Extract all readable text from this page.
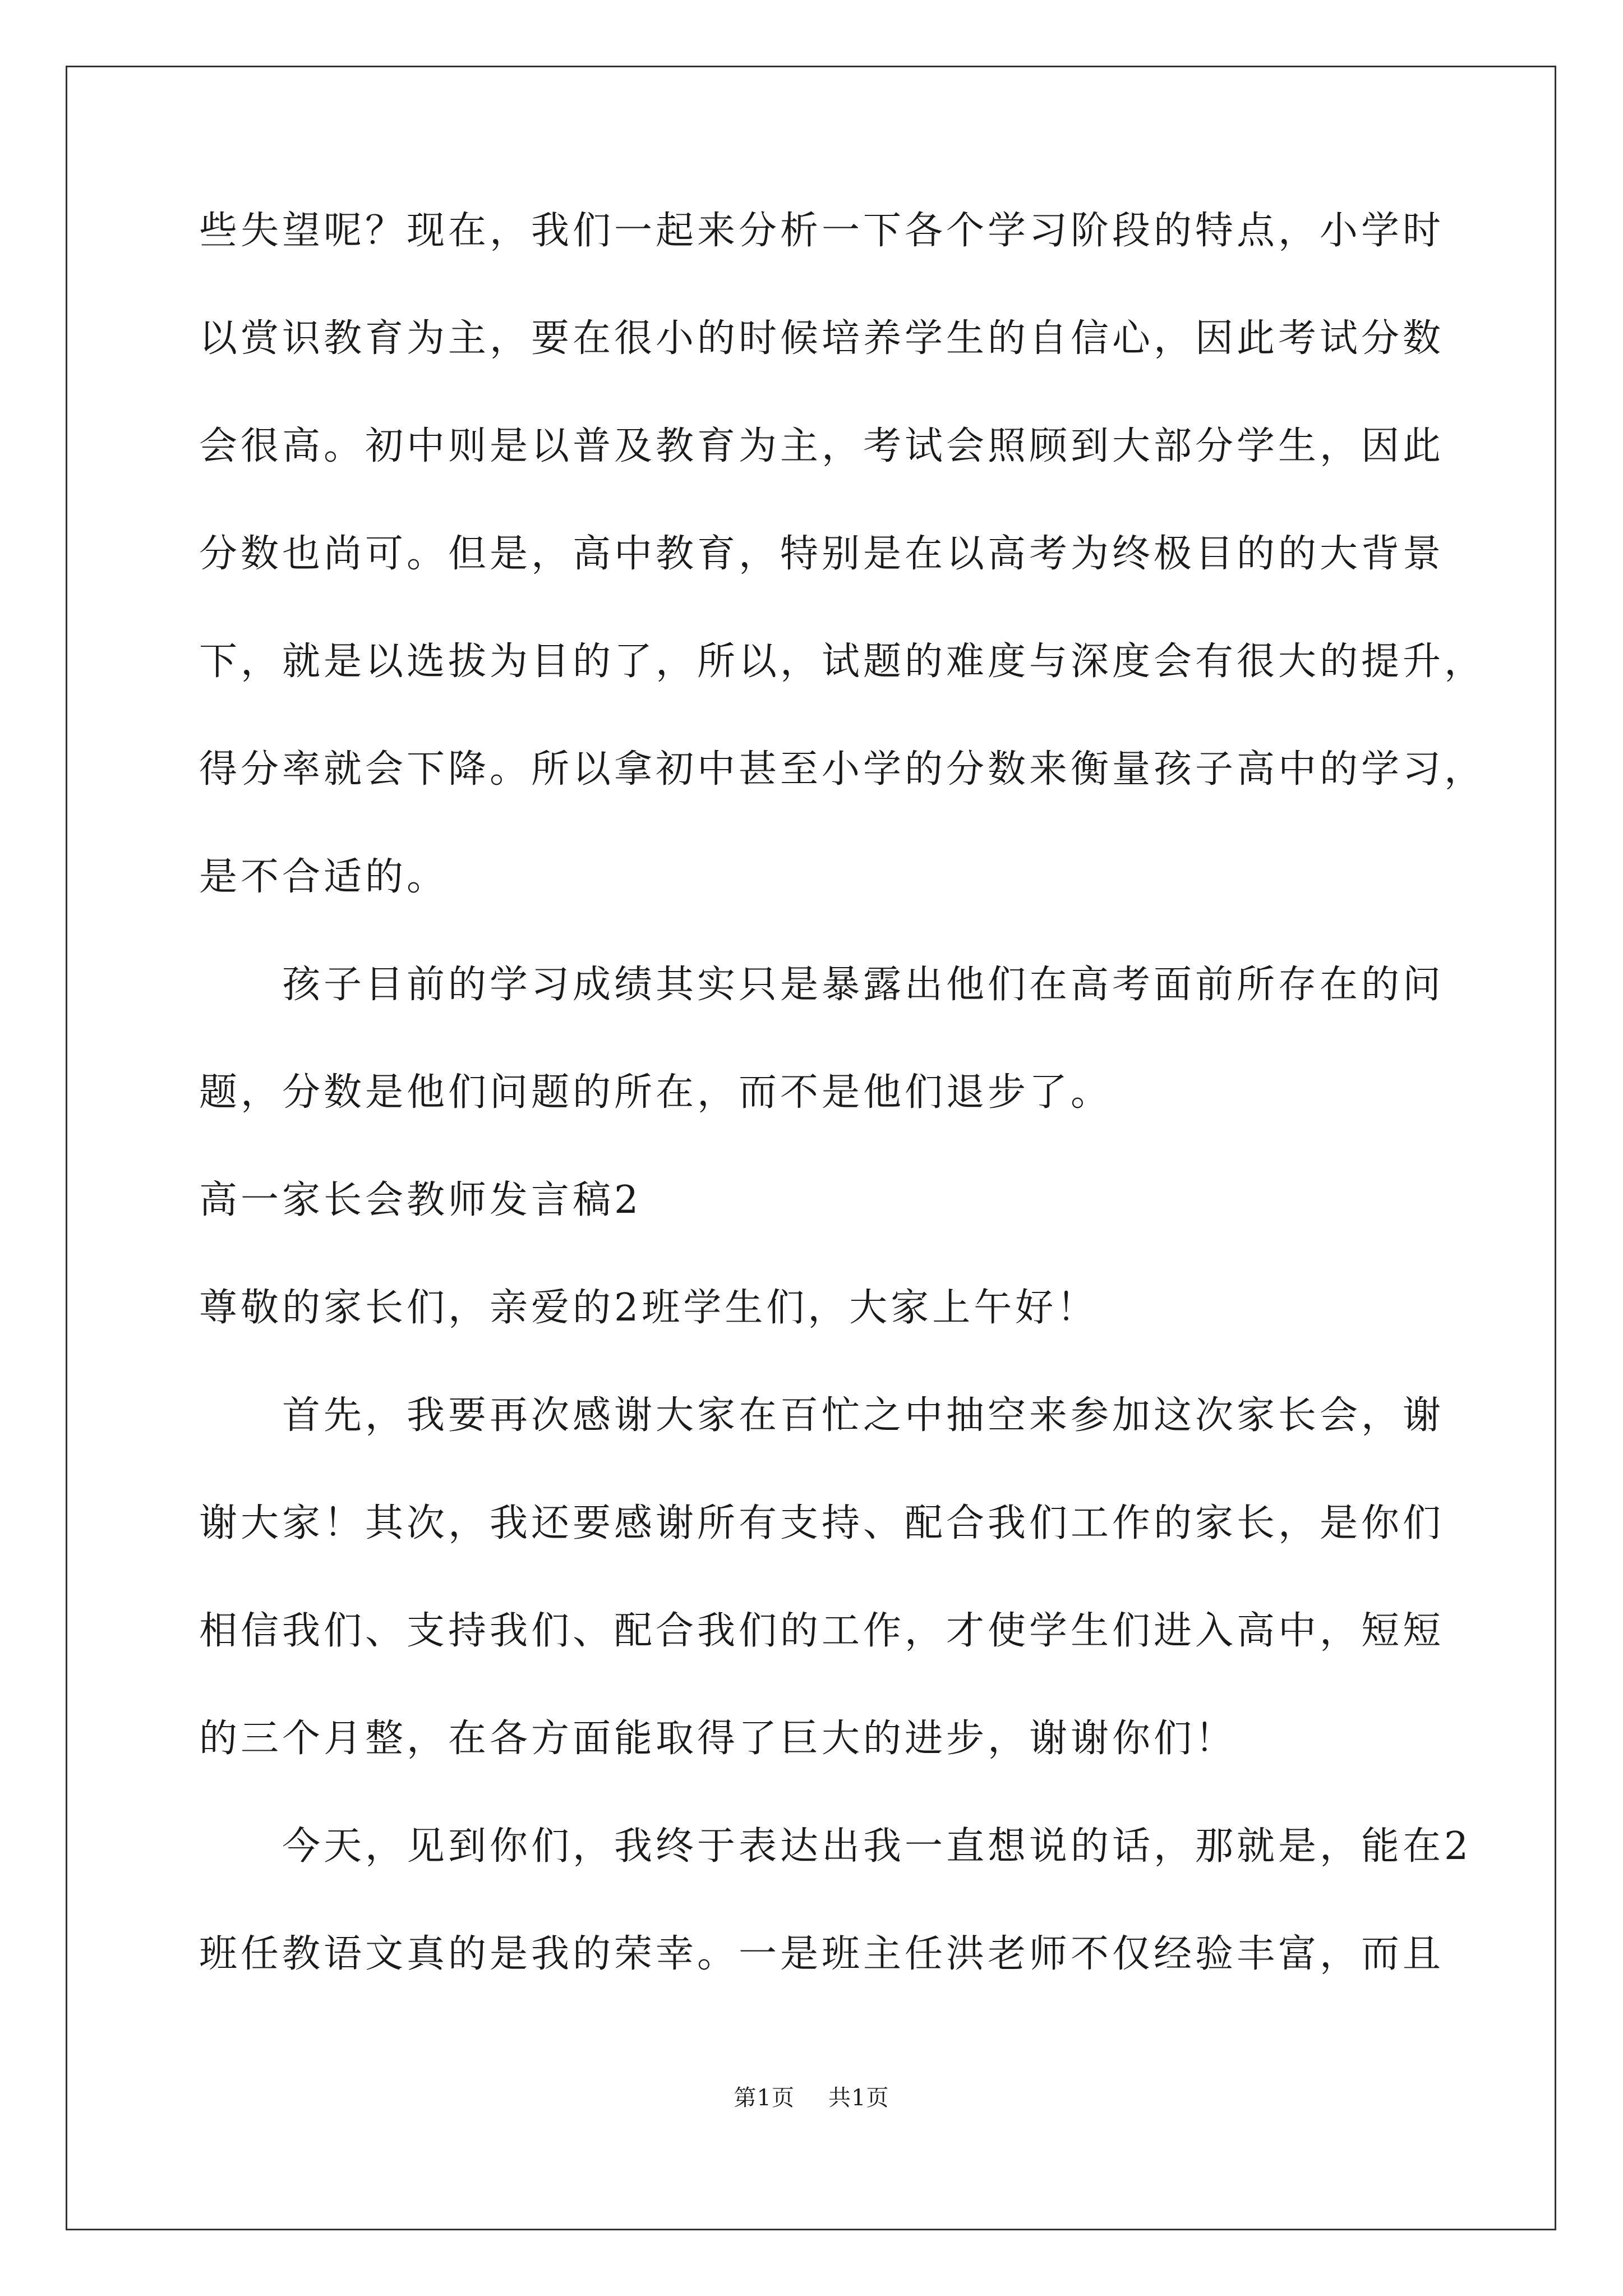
些失望呢？现在，我们一起来分析一下各个学习阶段的特点，小学时
以赏识教育为主，要在很小的时候培养学生的自信心，因此考试分数
会很高。初中则是以普及教育为主，考试会照顾到大部分学生，因此
分数也尚可。但是，高中教育，特别是在以高考为终极目的的大背景
下，就是以选拔为目的了，所以，试题的难度与深度会有很大的提升，
得分率就会下降。所以拿初中甚至小学的分数来衡量孩子高中的学习，
是不合适的。
　　孩子目前的学习成绩其实只是暴露出他们在高考面前所存在的问
题，分数是他们问题的所在，而不是他们退步了。
高一家长会教师发言稿2
尊敬的家长们，亲爱的2班学生们，大家上午好！
　　首先，我要再次感谢大家在百忙之中抽空来参加这次家长会，谢
谢大家！其次，我还要感谢所有支持、配合我们工作的家长，是你们
相信我们、支持我们、配合我们的工作，才使学生们进入高中，短短
的三个月整，在各方面能取得了巨大的进步，谢谢你们！
　　今天，见到你们，我终于表达出我一直想说的话，那就是，能在2
班任教语文真的是我的荣幸。一是班主任洪老师不仅经验丰富，而且
第1页 共1页
